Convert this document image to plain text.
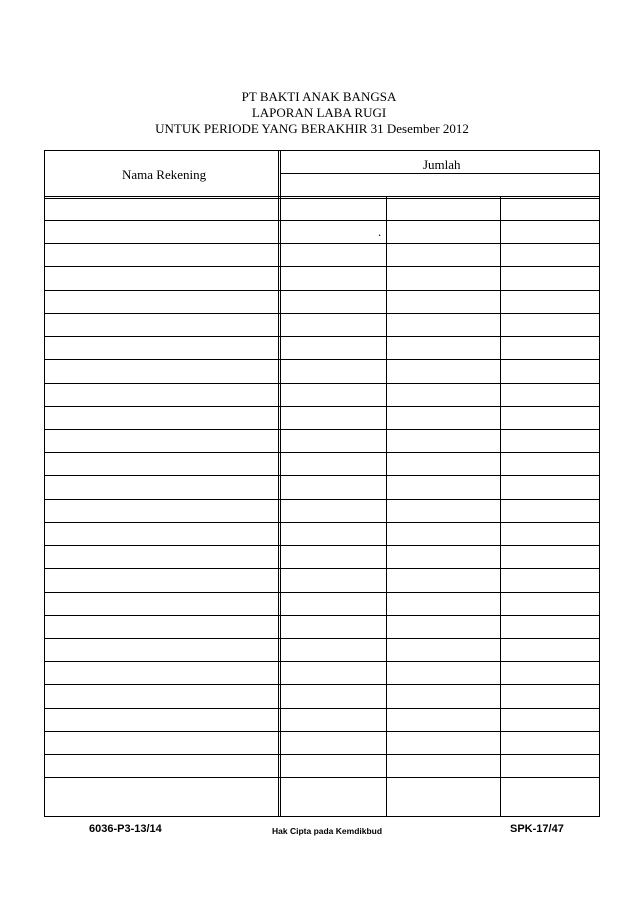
PT BAKTI ANAK BANGSA
LAPORAN LABA RUGI
UNTUK PERIODE YANG BERAKHIR 31 Desember 2012
Nama Rekening
Jumlah
.
6036-P3-13/14	Hak Cipta pada Kemdikbud	SPK-17/47
